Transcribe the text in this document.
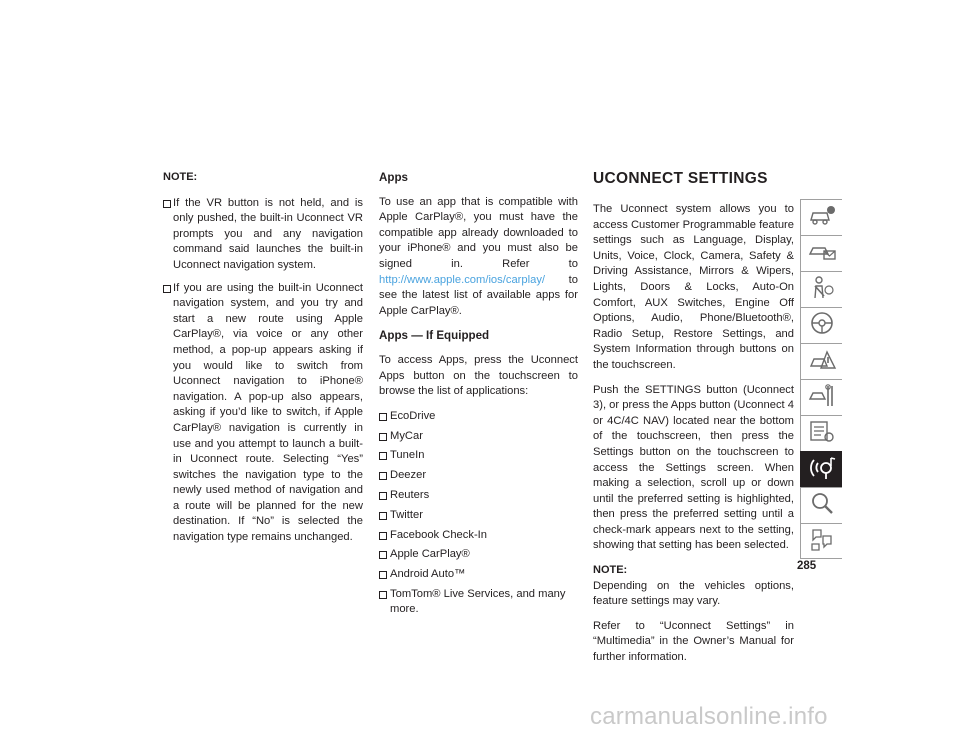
NOTE:
If the VR button is not held, and is only pushed, the built-in Uconnect VR prompts you and any navigation command said launches the built-in Uconnect navigation system.
If you are using the built-in Uconnect navigation system, and you try and start a new route using Apple CarPlay®, via voice or any other method, a pop-up appears asking if you would like to switch from Uconnect navigation to iPhone® navigation. A pop-up also appears, asking if you’d like to switch, if Apple CarPlay® navigation is currently in use and you attempt to launch a built-in Uconnect route. Selecting “Yes” switches the navigation type to the newly used method of navigation and a route will be planned for the new destination. If “No” is selected the navigation type remains unchanged.
Apps

To use an app that is compatible with Apple CarPlay®, you must have the compatible app already downloaded to your iPhone® and you must also be signed in. Refer to http://www.apple.com/ios/carplay/ to see the latest list of available apps for Apple CarPlay®.

Apps — If Equipped

To access Apps, press the Uconnect Apps button on the touchscreen to browse the list of applications:

EcoDrive
MyCar
TuneIn
Deezer
Reuters
Twitter
Facebook Check-In
Apple CarPlay®
Android Auto™
TomTom® Live Services, and many more.
UCONNECT SETTINGS

The Uconnect system allows you to access Customer Programmable feature settings such as Language, Display, Units, Voice, Clock, Camera, Safety & Driving Assistance, Mirrors & Wipers, Lights, Doors & Locks, Auto-On Comfort, AUX Switches, Engine Off Options, Audio, Phone/Bluetooth®, Radio Setup, Restore Settings, and System Information through buttons on the touchscreen.

Push the SETTINGS button (Uconnect 3), or press the Apps button (Uconnect 4 or 4C/4C NAV) located near the bottom of the touchscreen, then press the Settings button on the touchscreen to access the Settings screen. When making a selection, scroll up or down until the preferred setting is highlighted, then press the preferred setting until a check-mark appears next to the setting, showing that setting has been selected.

NOTE:

Depending on the vehicles options, feature settings may vary.

Refer to “Uconnect Settings” in “Multimedia” in the Owner’s Manual for further information.

285
carmanualsonline.info
